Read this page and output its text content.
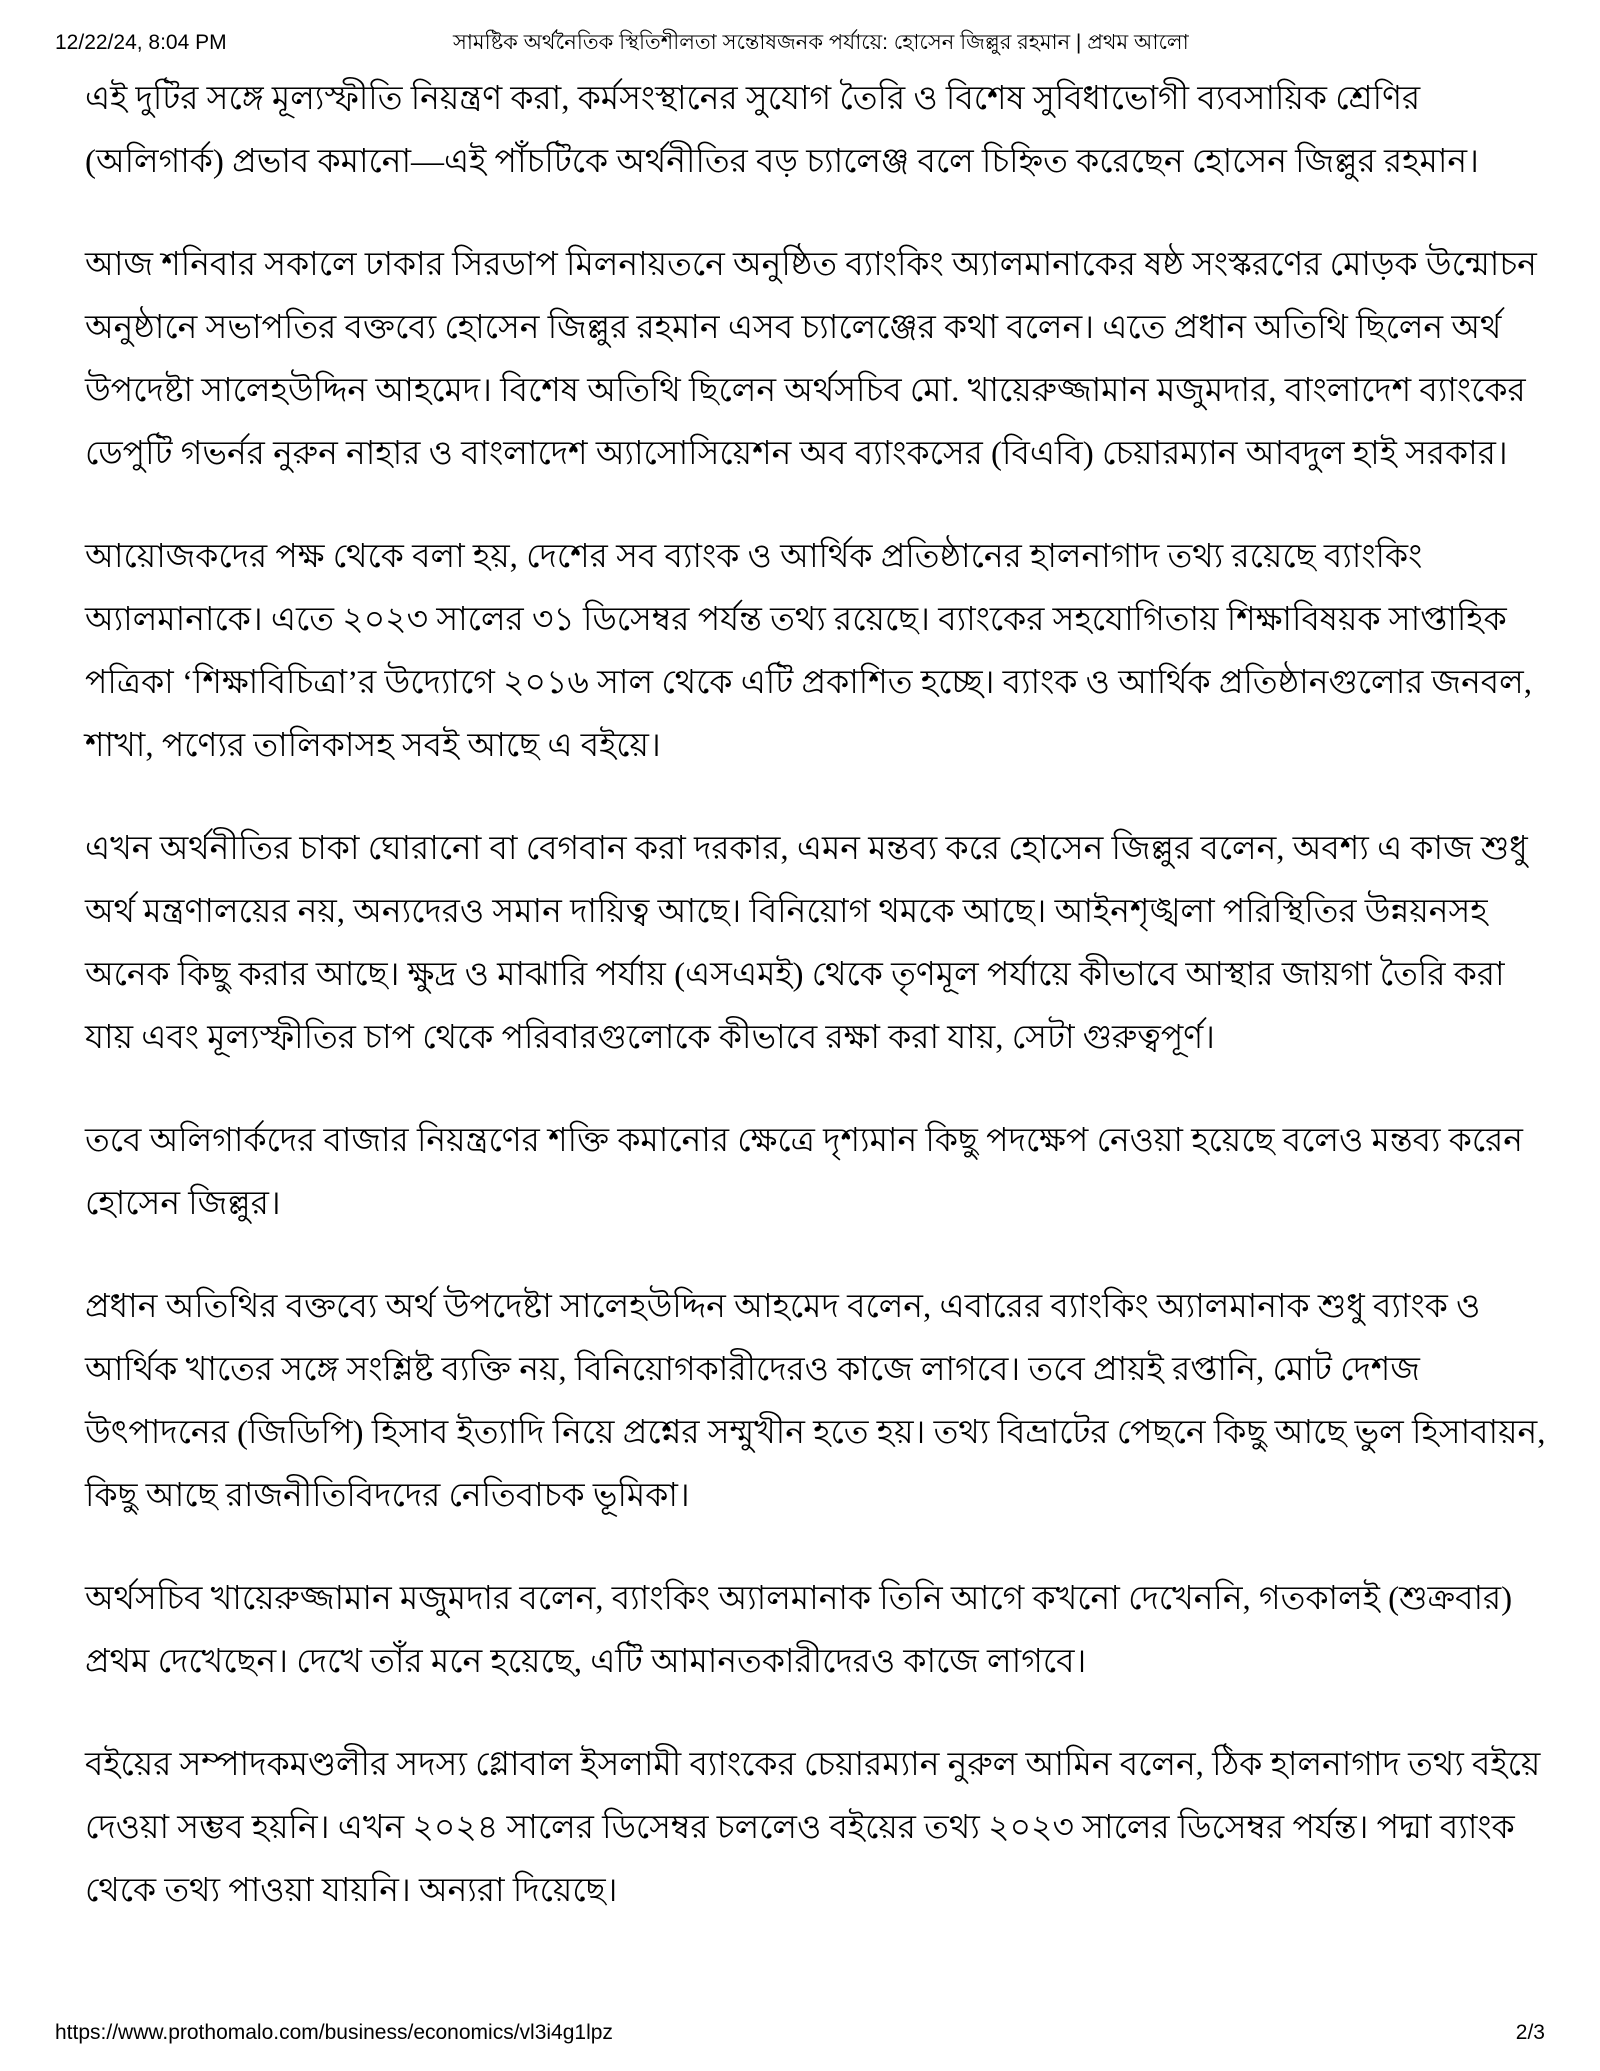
12/22/24, 8:04 PM	সামষ্টিক অর্থনৈতিক স্থিতিশীলতা সন্তোষজনক পর্যায়ে: হোসেন জিল্লুর রহমান | প্রথম আলো

এই দুটির সঙ্গে মূল্যস্ফীতি নিয়ন্ত্রণ করা, কর্মসংস্থানের সুযোগ তৈরি ও বিশেষ সুবিধাভোগী ব্যবসায়িক শ্রেণির (অলিগার্ক) প্রভাব কমানো—এই পাঁচটিকে অর্থনীতির বড় চ্যালেঞ্জ বলে চিহ্নিত করেছেন হোসেন জিল্লুর রহমান।

আজ শনিবার সকালে ঢাকার সিরডাপ মিলনায়তনে অনুষ্ঠিত ব্যাংকিং অ্যালমানাকের ষষ্ঠ সংস্করণের মোড়ক উন্মোচন অনুষ্ঠানে সভাপতির বক্তব্যে হোসেন জিল্লুর রহমান এসব চ্যালেঞ্জের কথা বলেন। এতে প্রধান অতিথি ছিলেন অর্থ উপদেষ্টা সালেহউদ্দিন আহমেদ। বিশেষ অতিথি ছিলেন অর্থসচিব মো. খায়েরুজ্জামান মজুমদার, বাংলাদেশ ব্যাংকের ডেপুটি গভর্নর নুরুন নাহার ও বাংলাদেশ অ্যাসোসিয়েশন অব ব্যাংকসের (বিএবি) চেয়ারম্যান আবদুল হাই সরকার।

আয়োজকদের পক্ষ থেকে বলা হয়, দেশের সব ব্যাংক ও আর্থিক প্রতিষ্ঠানের হালনাগাদ তথ্য রয়েছে ব্যাংকিং অ্যালমানাকে। এতে ২০২৩ সালের ৩১ ডিসেম্বর পর্যন্ত তথ্য রয়েছে। ব্যাংকের সহযোগিতায় শিক্ষাবিষয়ক সাপ্তাহিক পত্রিকা ‘শিক্ষাবিচিত্রা’র উদ্যোগে ২০১৬ সাল থেকে এটি প্রকাশিত হচ্ছে। ব্যাংক ও আর্থিক প্রতিষ্ঠানগুলোর জনবল, শাখা, পণ্যের তালিকাসহ সবই আছে এ বইয়ে।

এখন অর্থনীতির চাকা ঘোরানো বা বেগবান করা দরকার, এমন মন্তব্য করে হোসেন জিল্লুর বলেন, অবশ্য এ কাজ শুধু অর্থ মন্ত্রণালয়ের নয়, অন্যদেরও সমান দায়িত্ব আছে। বিনিয়োগ থমকে আছে। আইনশৃঙ্খলা পরিস্থিতির উন্নয়নসহ অনেক কিছু করার আছে। ক্ষুদ্র ও মাঝারি পর্যায় (এসএমই) থেকে তৃণমূল পর্যায়ে কীভাবে আস্থার জায়গা তৈরি করা যায় এবং মূল্যস্ফীতির চাপ থেকে পরিবারগুলোকে কীভাবে রক্ষা করা যায়, সেটা গুরুত্বপূর্ণ।

তবে অলিগার্কদের বাজার নিয়ন্ত্রণের শক্তি কমানোর ক্ষেত্রে দৃশ্যমান কিছু পদক্ষেপ নেওয়া হয়েছে বলেও মন্তব্য করেন হোসেন জিল্লুর।

প্রধান অতিথির বক্তব্যে অর্থ উপদেষ্টা সালেহউদ্দিন আহমেদ বলেন, এবারের ব্যাংকিং অ্যালমানাক শুধু ব্যাংক ও আর্থিক খাতের সঙ্গে সংশ্লিষ্ট ব্যক্তি নয়, বিনিয়োগকারীদেরও কাজে লাগবে। তবে প্রায়ই রপ্তানি, মোট দেশজ উৎপাদনের (জিডিপি) হিসাব ইত্যাদি নিয়ে প্রশ্নের সম্মুখীন হতে হয়। তথ্য বিভ্রাটের পেছনে কিছু আছে ভুল হিসাবায়ন, কিছু আছে রাজনীতিবিদদের নেতিবাচক ভূমিকা।

অর্থসচিব খায়েরুজ্জামান মজুমদার বলেন, ব্যাংকিং অ্যালমানাক তিনি আগে কখনো দেখেননি, গতকালই (শুক্রবার) প্রথম দেখেছেন। দেখে তাঁর মনে হয়েছে, এটি আমানতকারীদেরও কাজে লাগবে।

বইয়ের সম্পাদকমণ্ডলীর সদস্য গ্লোবাল ইসলামী ব্যাংকের চেয়ারম্যান নুরুল আমিন বলেন, ঠিক হালনাগাদ তথ্য বইয়ে দেওয়া সম্ভব হয়নি। এখন ২০২৪ সালের ডিসেম্বর চললেও বইয়ের তথ্য ২০২৩ সালের ডিসেম্বর পর্যন্ত। পদ্মা ব্যাংক থেকে তথ্য পাওয়া যায়নি। অন্যরা দিয়েছে।

https://www.prothomalo.com/business/economics/vl3i4g1lpz	2/3
